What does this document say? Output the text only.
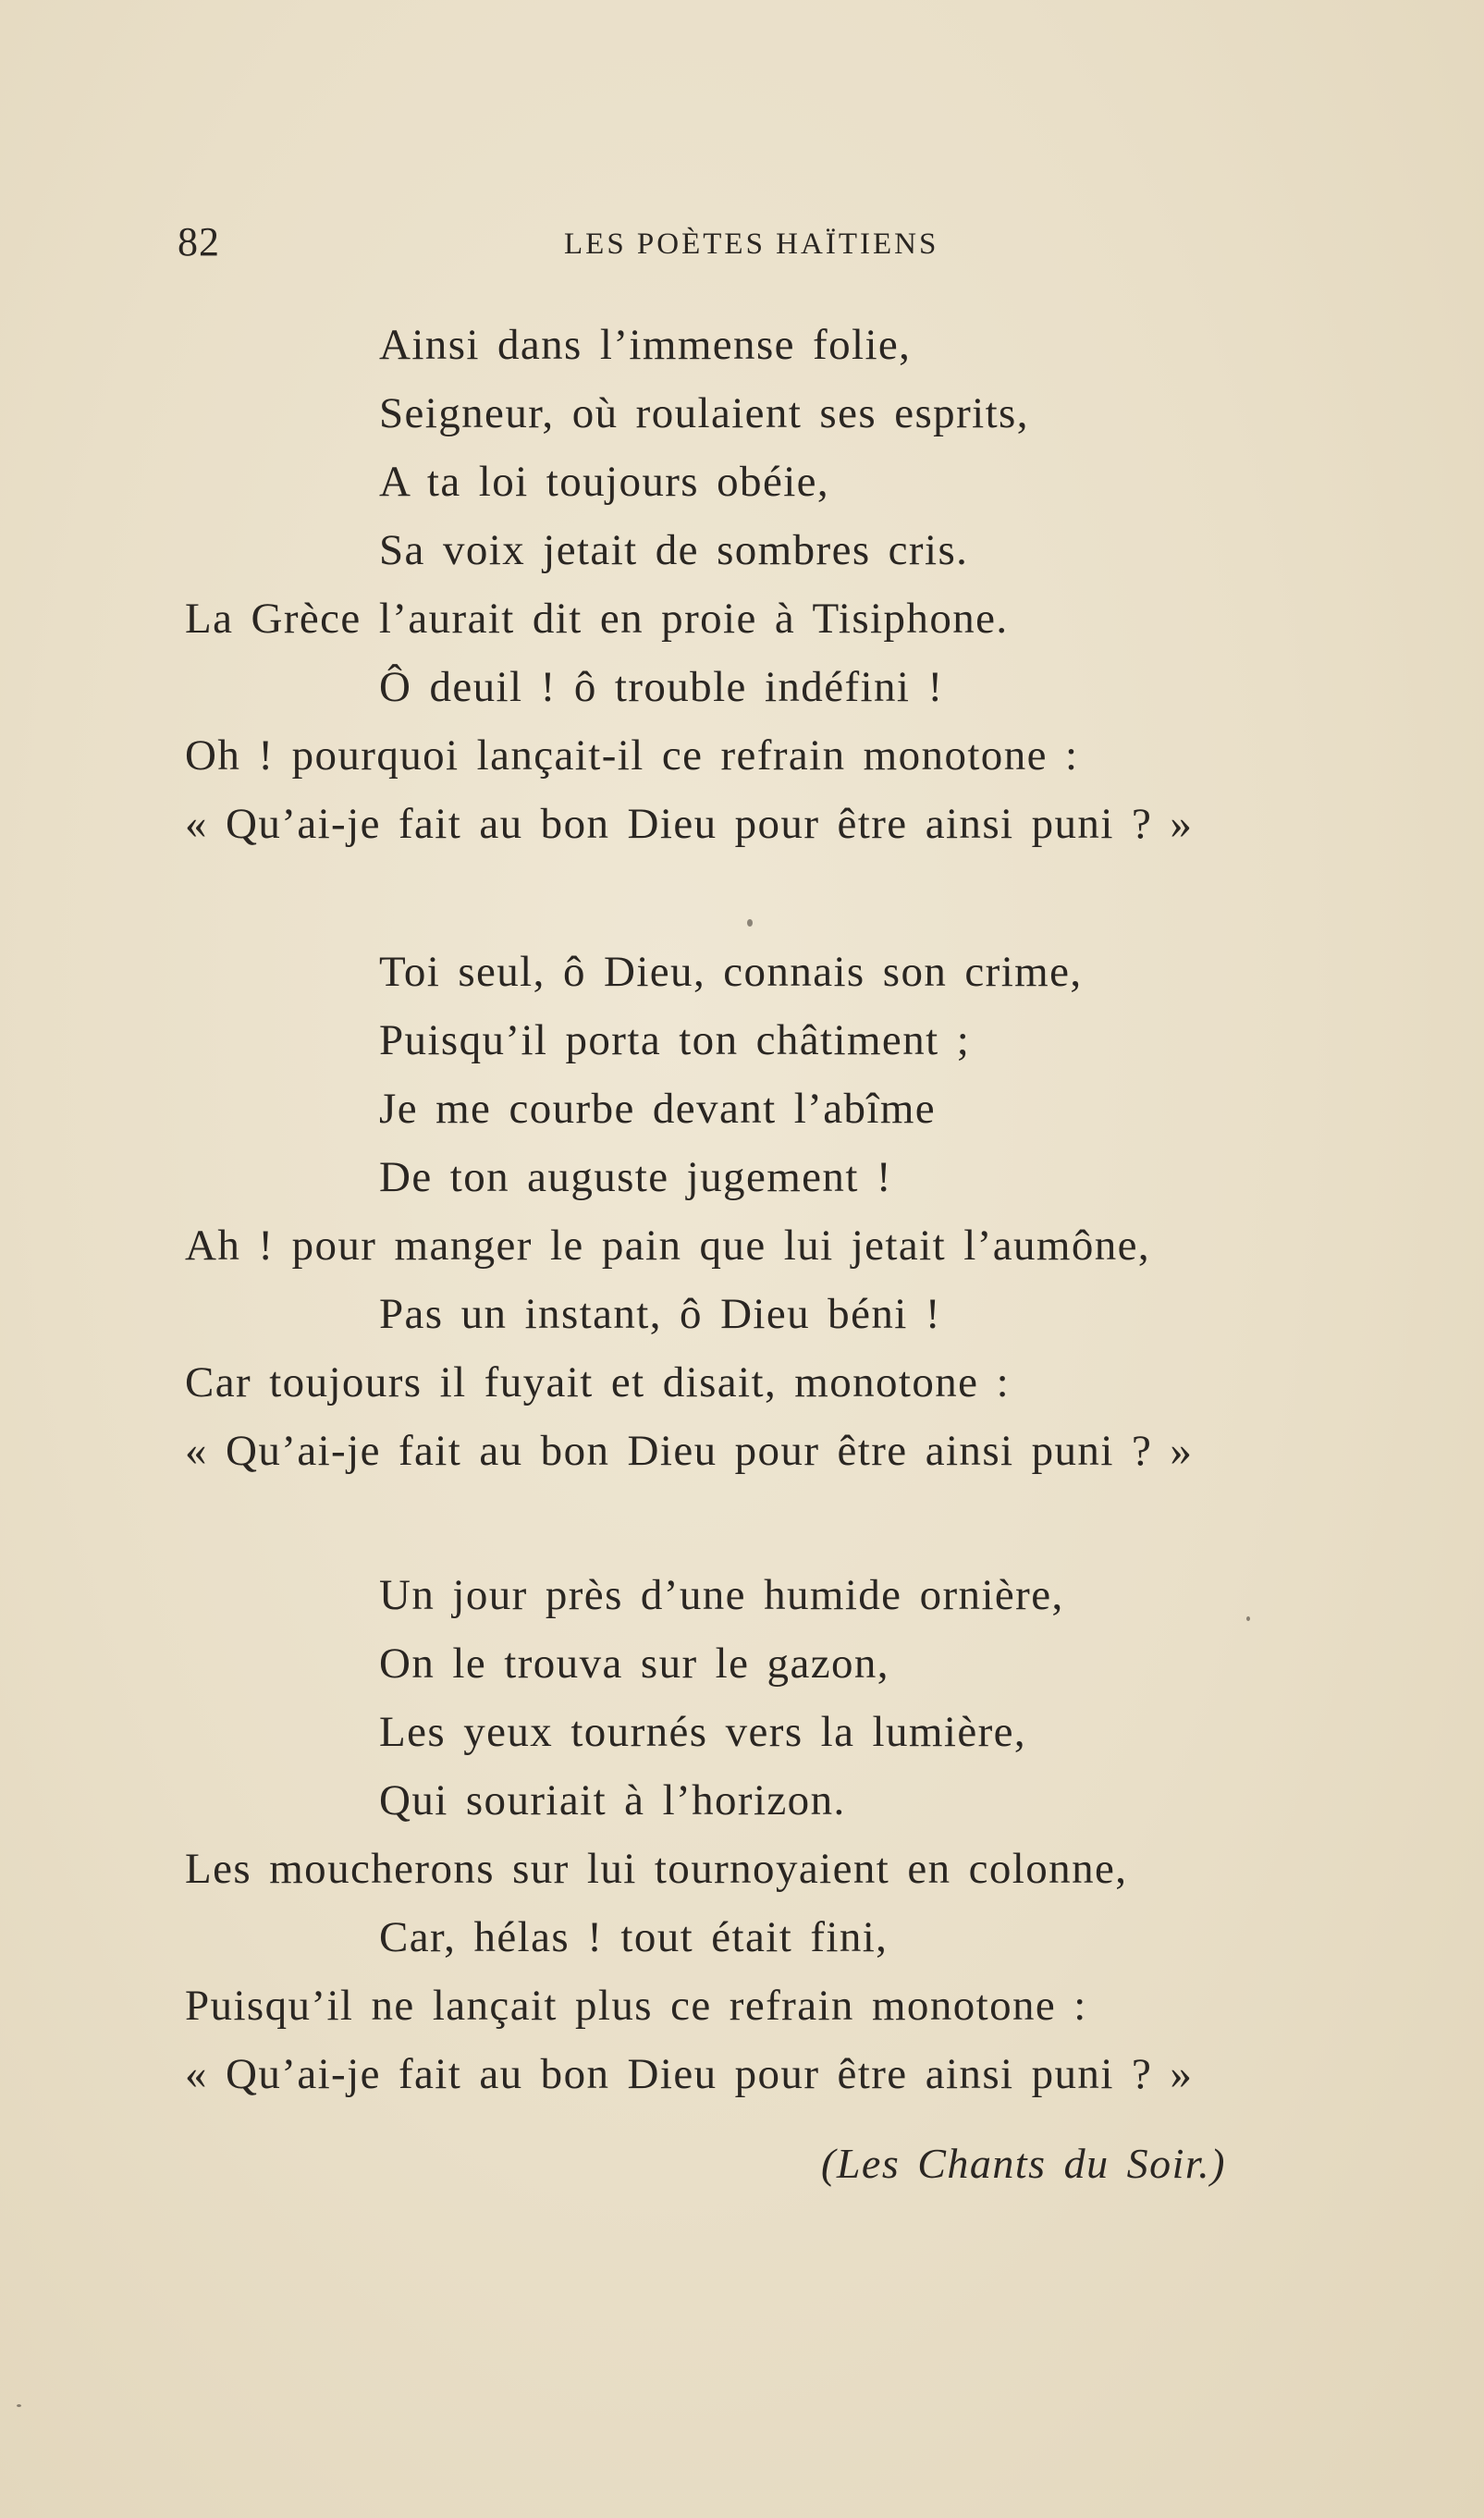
82	LES POÈTES HAÏTIENS
Ainsi dans l’immense folie,
Seigneur, où roulaient ses esprits,
A ta loi toujours obéie,
Sa voix jetait de sombres cris.
La Grèce l’aurait dit en proie à Tisiphone.
Ô deuil ! ô trouble indéfini !
Oh ! pourquoi lançait-il ce refrain monotone :
« Qu’ai-je fait au bon Dieu pour être ainsi puni ? »
Toi seul, ô Dieu, connais son crime,
Puisqu’il porta ton châtiment ;
Je me courbe devant l’abîme
De ton auguste jugement !
Ah ! pour manger le pain que lui jetait l’aumône,
Pas un instant, ô Dieu béni !
Car toujours il fuyait et disait, monotone :
« Qu’ai-je fait au bon Dieu pour être ainsi puni ? »
Un jour près d’une humide ornière,
On le trouva sur le gazon,
Les yeux tournés vers la lumière,
Qui souriait à l’horizon.
Les moucherons sur lui tournoyaient en colonne,
Car, hélas ! tout était fini,
Puisqu’il ne lançait plus ce refrain monotone :
« Qu’ai-je fait au bon Dieu pour être ainsi puni ? »
(Les Chants du Soir.)
